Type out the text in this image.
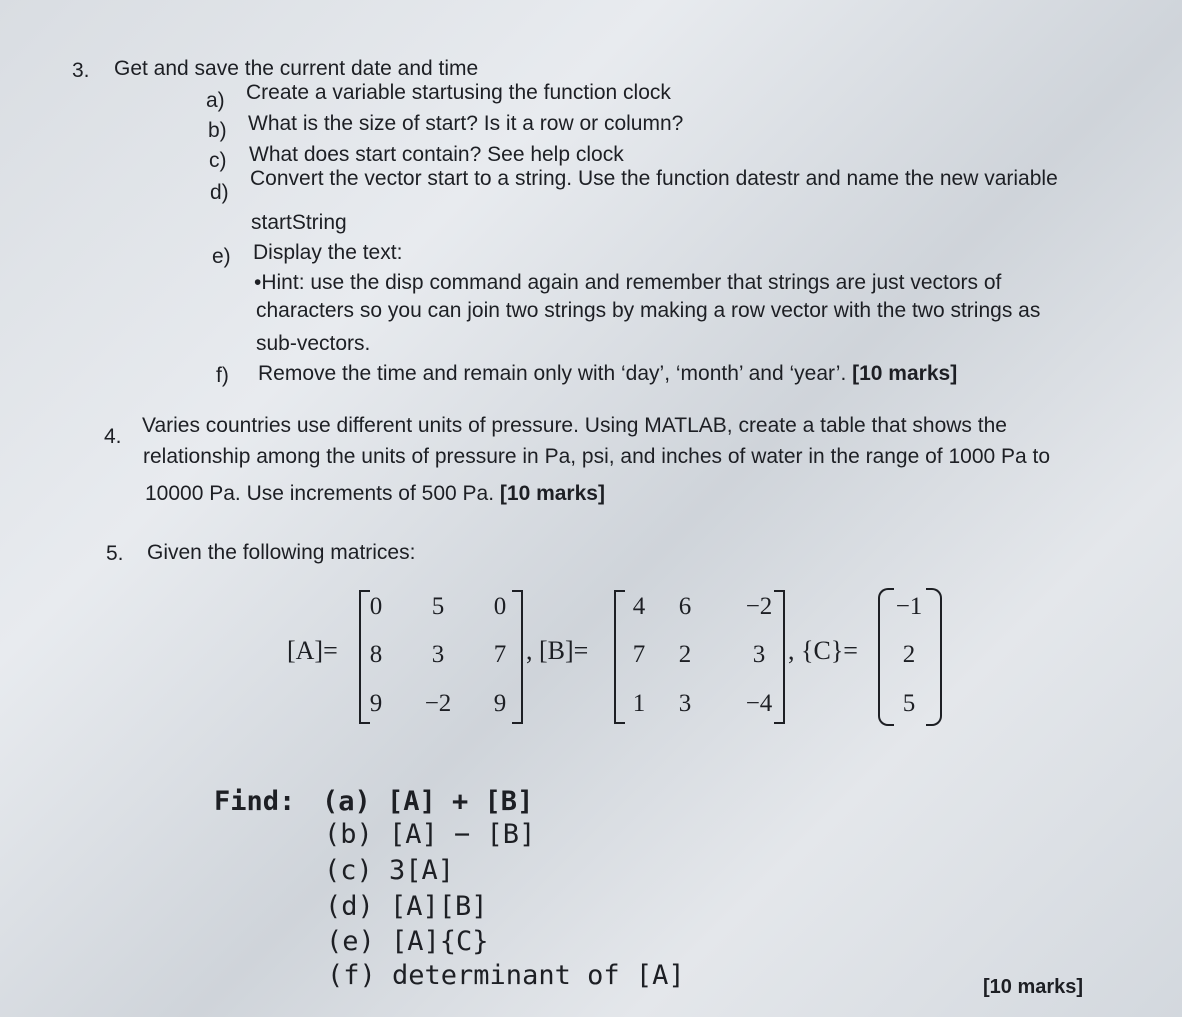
3. Get and save the current date and time
a) Create a variable startusing the function clock
b) What is the size of start? Is it a row or column?
c) What does start contain? See help clock
d)
Convert the vector start to a string. Use the function datestr and name the new variable
startString
e) Display the text:
•Hint: use the disp command again and remember that strings are just vectors of
characters so you can join two strings by making a row vector with the two strings as
sub-vectors.
f) Remove the time and remain only with ‘day’, ‘month’ and ‘year’. [10 marks]
4. Varies countries use different units of pressure. Using MATLAB, create a table that shows the
relationship among the units of pressure in Pa, psi, and inches of water in the range of 1000 Pa to
10000 Pa. Use increments of 500 Pa. [10 marks]
5. Given the following matrices:
[A]=
0	5	0
8	3	7
9	−2	9
, [B]=
4	6	−2
7	2	3
1	3	−4
, {C}=
−1
2
5
Find: (a) [A] + [B]
(b) [A] − [B]
(c) 3[A]
(d) [A][B]
(e) [A]{C}
(f) determinant of [A]	[10 marks]
